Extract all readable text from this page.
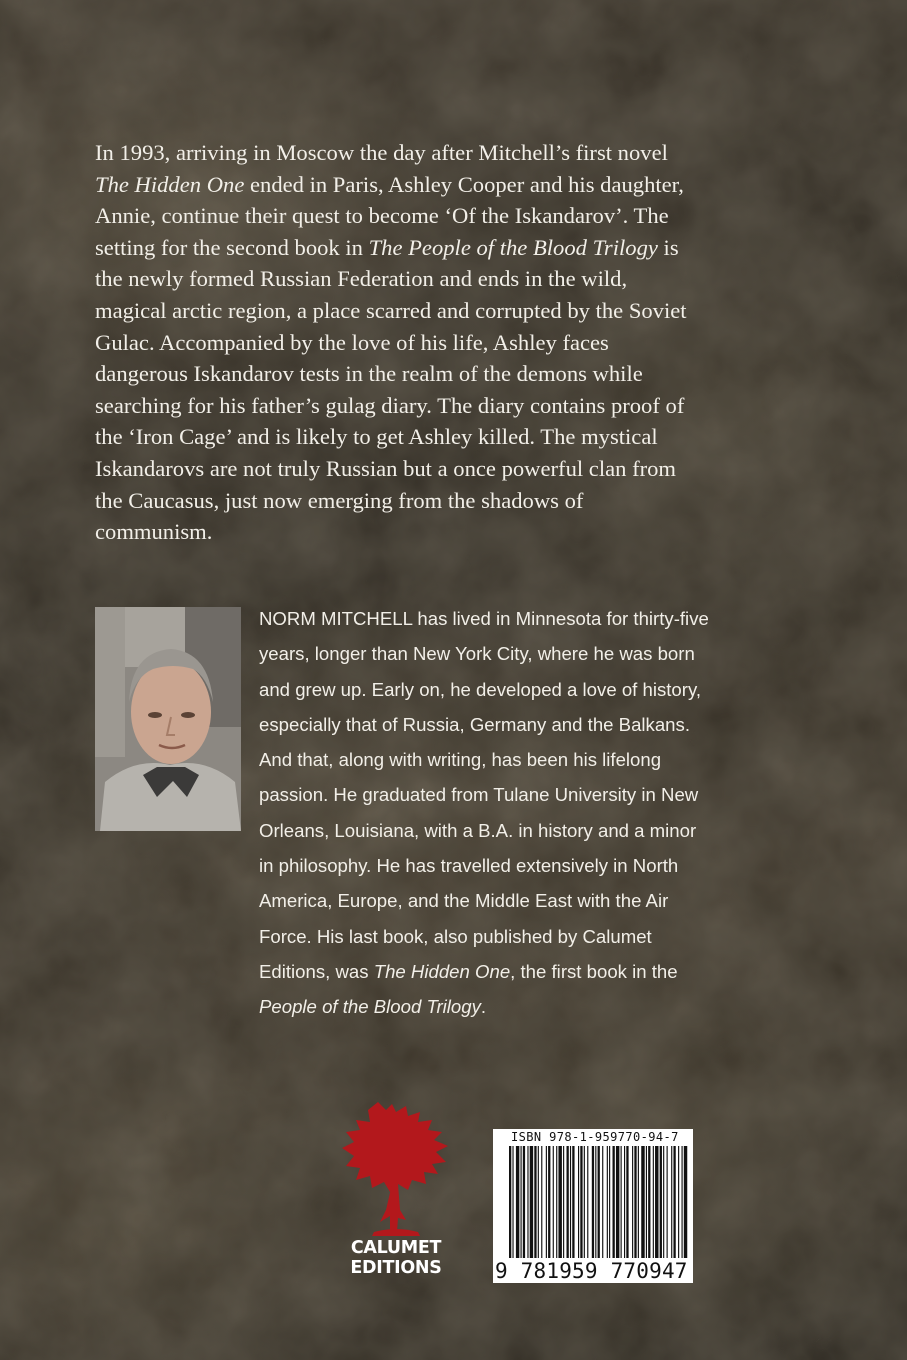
In 1993, arriving in Moscow the day after Mitchell’s first novel
The Hidden One ended in Paris, Ashley Cooper and his daughter,
Annie, continue their quest to become ‘Of the Iskandarov’. The
setting for the second book in The People of the Blood Trilogy is
the newly formed Russian Federation and ends in the wild,
magical arctic region, a place scarred and corrupted by the Soviet
Gulac. Accompanied by the love of his life, Ashley faces
dangerous Iskandarov tests in the realm of the demons while
searching for his father’s gulag diary. The diary contains proof of
the ‘Iron Cage’ and is likely to get Ashley killed. The mystical
Iskandarovs are not truly Russian but a once powerful clan from
the Caucasus, just now emerging from the shadows of
communism.
NORM MITCHELL has lived in Minnesota for thirty-five
years, longer than New York City, where he was born
and grew up. Early on, he developed a love of history,
especially that of Russia, Germany and the Balkans.
And that, along with writing, has been his lifelong
passion. He graduated from Tulane University in New
Orleans, Louisiana, with a B.A. in history and a minor
in philosophy. He has travelled extensively in North
America, Europe, and the Middle East with the Air
Force. His last book, also published by Calumet
Editions, was The Hidden One, the first book in the
People of the Blood Trilogy.
CALUMET
EDITIONS
ISBN 978-1-959770-94-7
9 781959 770947
